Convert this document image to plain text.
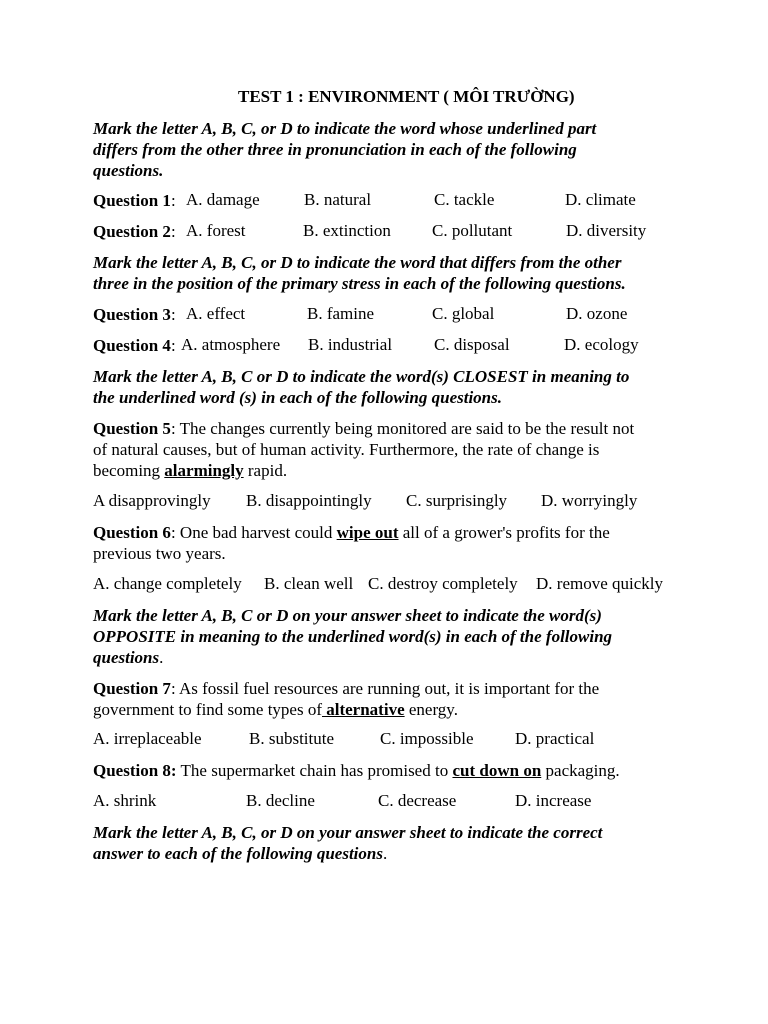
TEST 1 : ENVIRONMENT ( MÔI TRƯỜNG)
Mark the letter A, B, C, or D to indicate the word whose underlined part
differs from the other three in pronunciation in each of the following
questions.
Question 1: A. damage	B. natural	C. tackle	D. climate
Question 2: A. forest	B. extinction C. pollutant	D. diversity
Mark the letter A, B, C, or D to indicate the word that differs from the other
three in the position of the primary stress in each of the following questions.
Question 3: A. effect	B. famine	C. global	D. ozone
Question 4: A. atmosphere B. industrial C. disposal	D. ecology
Mark the letter A, B, C or D to indicate the word(s) CLOSEST in meaning to
the underlined word (s) in each of the following questions.
Question 5: The changes currently being monitored are said to be the result not
of natural causes, but of human activity. Furthermore, the rate of change is
becoming alarmingly rapid.
A disapprovingly B. disappointingly C. surprisingly D. worryingly
Question 6: One bad harvest could wipe out all of a grower's profits for the
previous two years.
A. change completely B. clean well C. destroy completely D. remove quickly
Mark the letter A, B, C or D on your answer sheet to indicate the word(s)
OPPOSITE in meaning to the underlined word(s) in each of the following
questions.
Question 7: As fossil fuel resources are running out, it is important for the
government to find some types of alternative energy.
A. irreplaceable	B. substitute	C. impossible D. practical
Question 8: The supermarket chain has promised to cut down on packaging.
A. shrink	B. decline	C. decrease	D. increase
Mark the letter A, B, C, or D on your answer sheet to indicate the correct
answer to each of the following questions.
